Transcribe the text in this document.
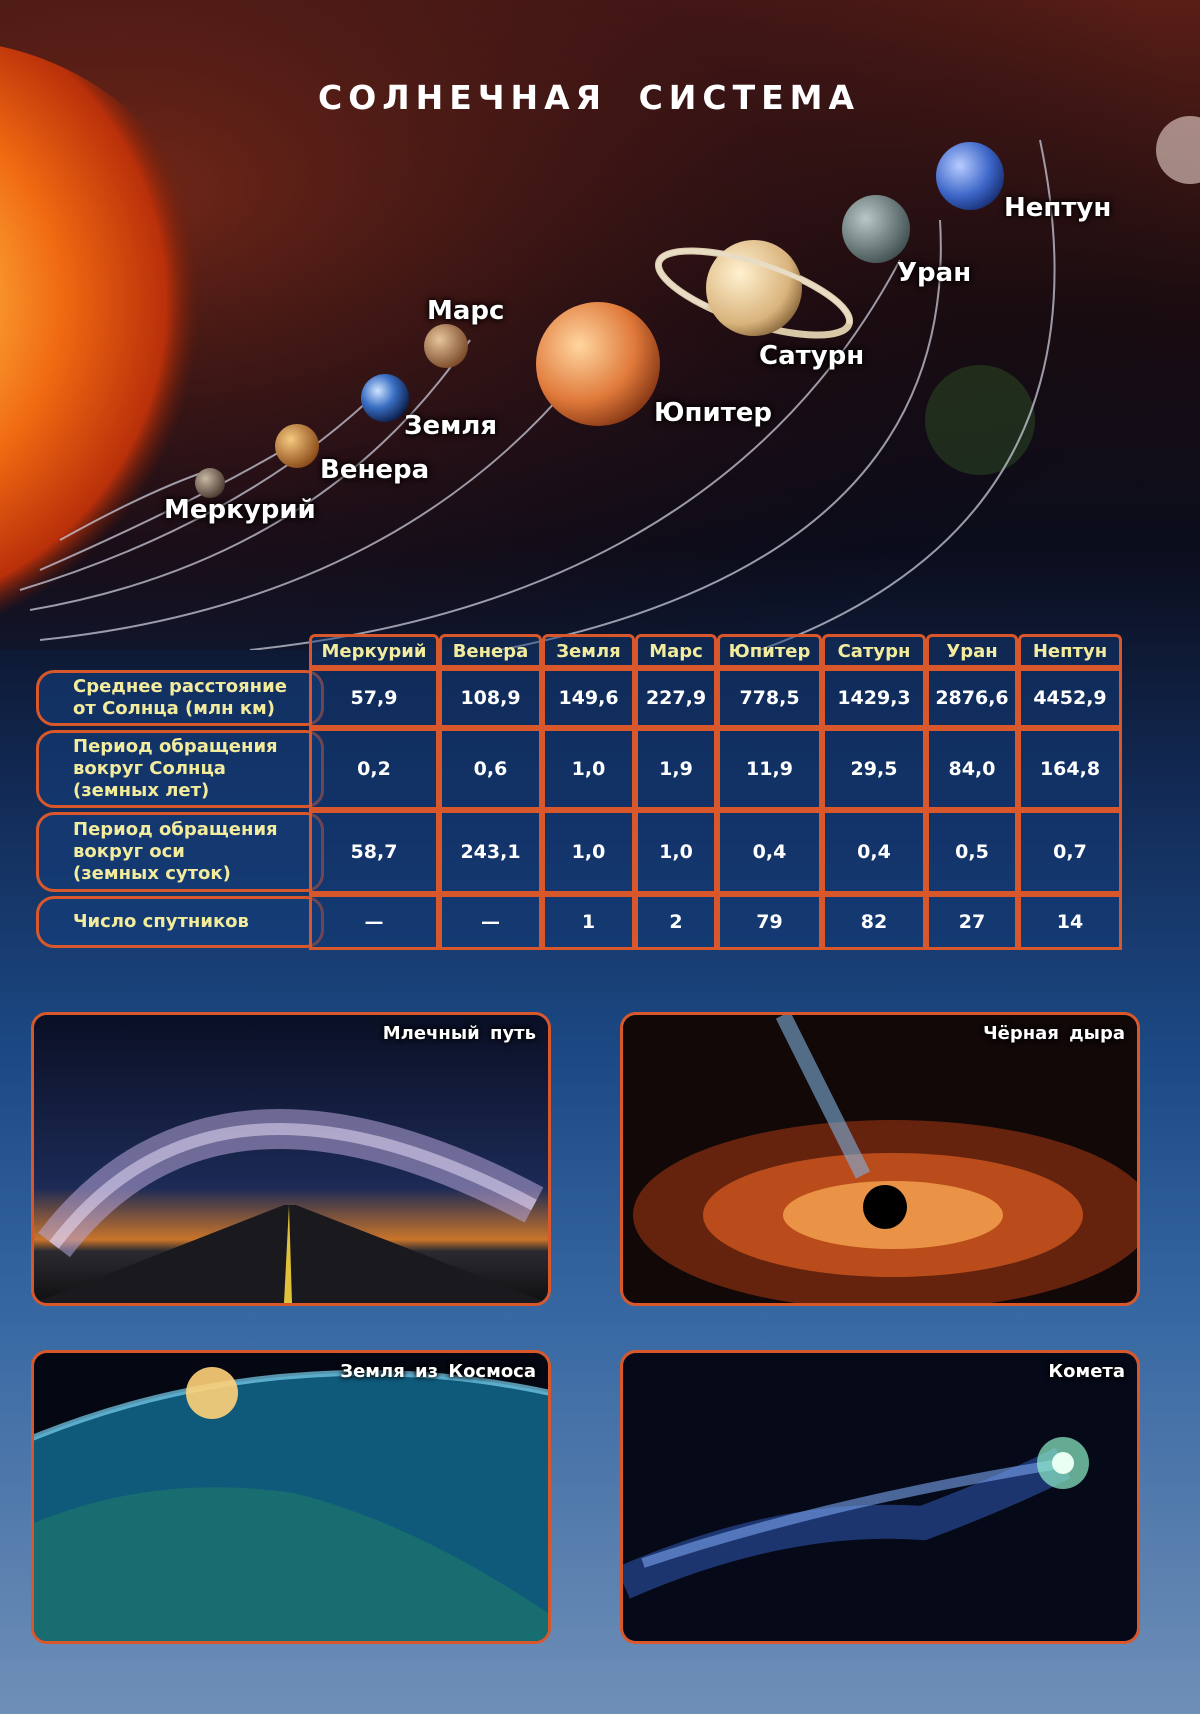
СОЛНЕЧНАЯ СИСТЕМА

Меркурий

Венера

Земля

Марс

Юпитер

Сатурн

Уран

Нептун

Меркурий	Венера	Земля	Марс	Юпитер	Сатурн	Уран	Нептун
Среднее расстояние
от Солнца (млн км)	57,9	108,9	149,6	227,9	778,5	1429,3	2876,6	4452,9
Период обращения
вокруг Солнца
(земных лет)
0,2	0,6	1,0	1,9	11,9	29,5	84,0	164,8
Период обращения
вокруг оси
(земных суток)
58,7	243,1	1,0	1,0	0,4	0,4	0,5	0,7
Число спутников	—	—	1	2	79	82	27	14

Млечный путь	Чёрная дыра

Земля из Космоса	Комета
